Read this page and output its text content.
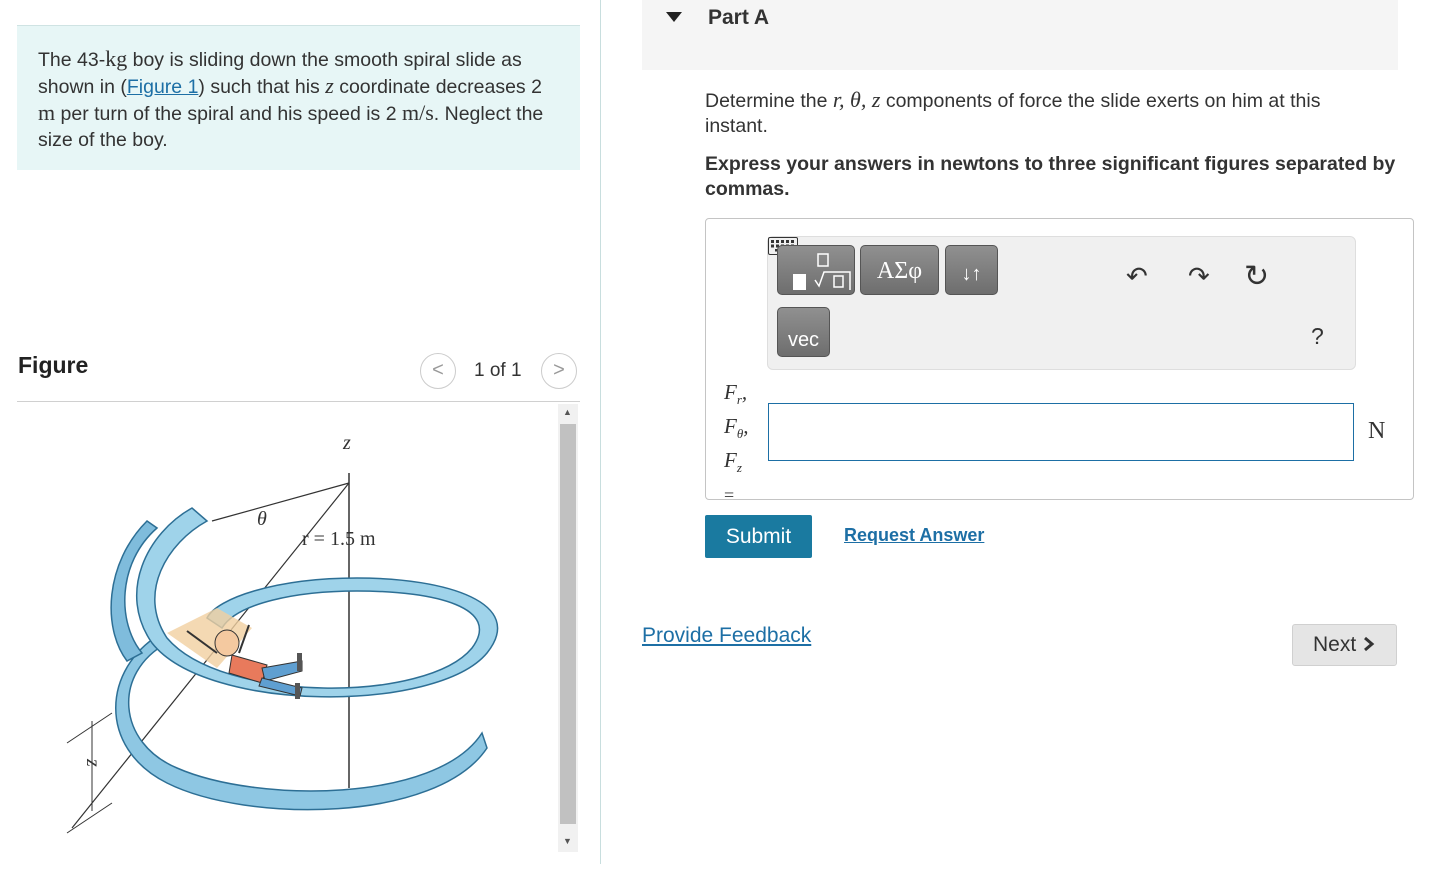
The 43-kg boy is sliding down the smooth spiral slide as shown in (Figure 1) such that his z coordinate decreases 2 m per turn of the spiral and his speed is 2 m/s. Neglect the size of the boy.
Figure	<	1 of 1	>
z
θ
r = 1.5 m
z
▲
▼
Part A
Determine the r, θ, z components of force the slide exerts on him at this instant.
Express your answers in newtons to three significant figures separated by commas.
ΑΣφ	↓↑
vec
↶ ↷ ↻
?
$F_r$,
$F_\theta$,
$F_z$
=
N
Submit	Request Answer
Provide Feedback	Next
